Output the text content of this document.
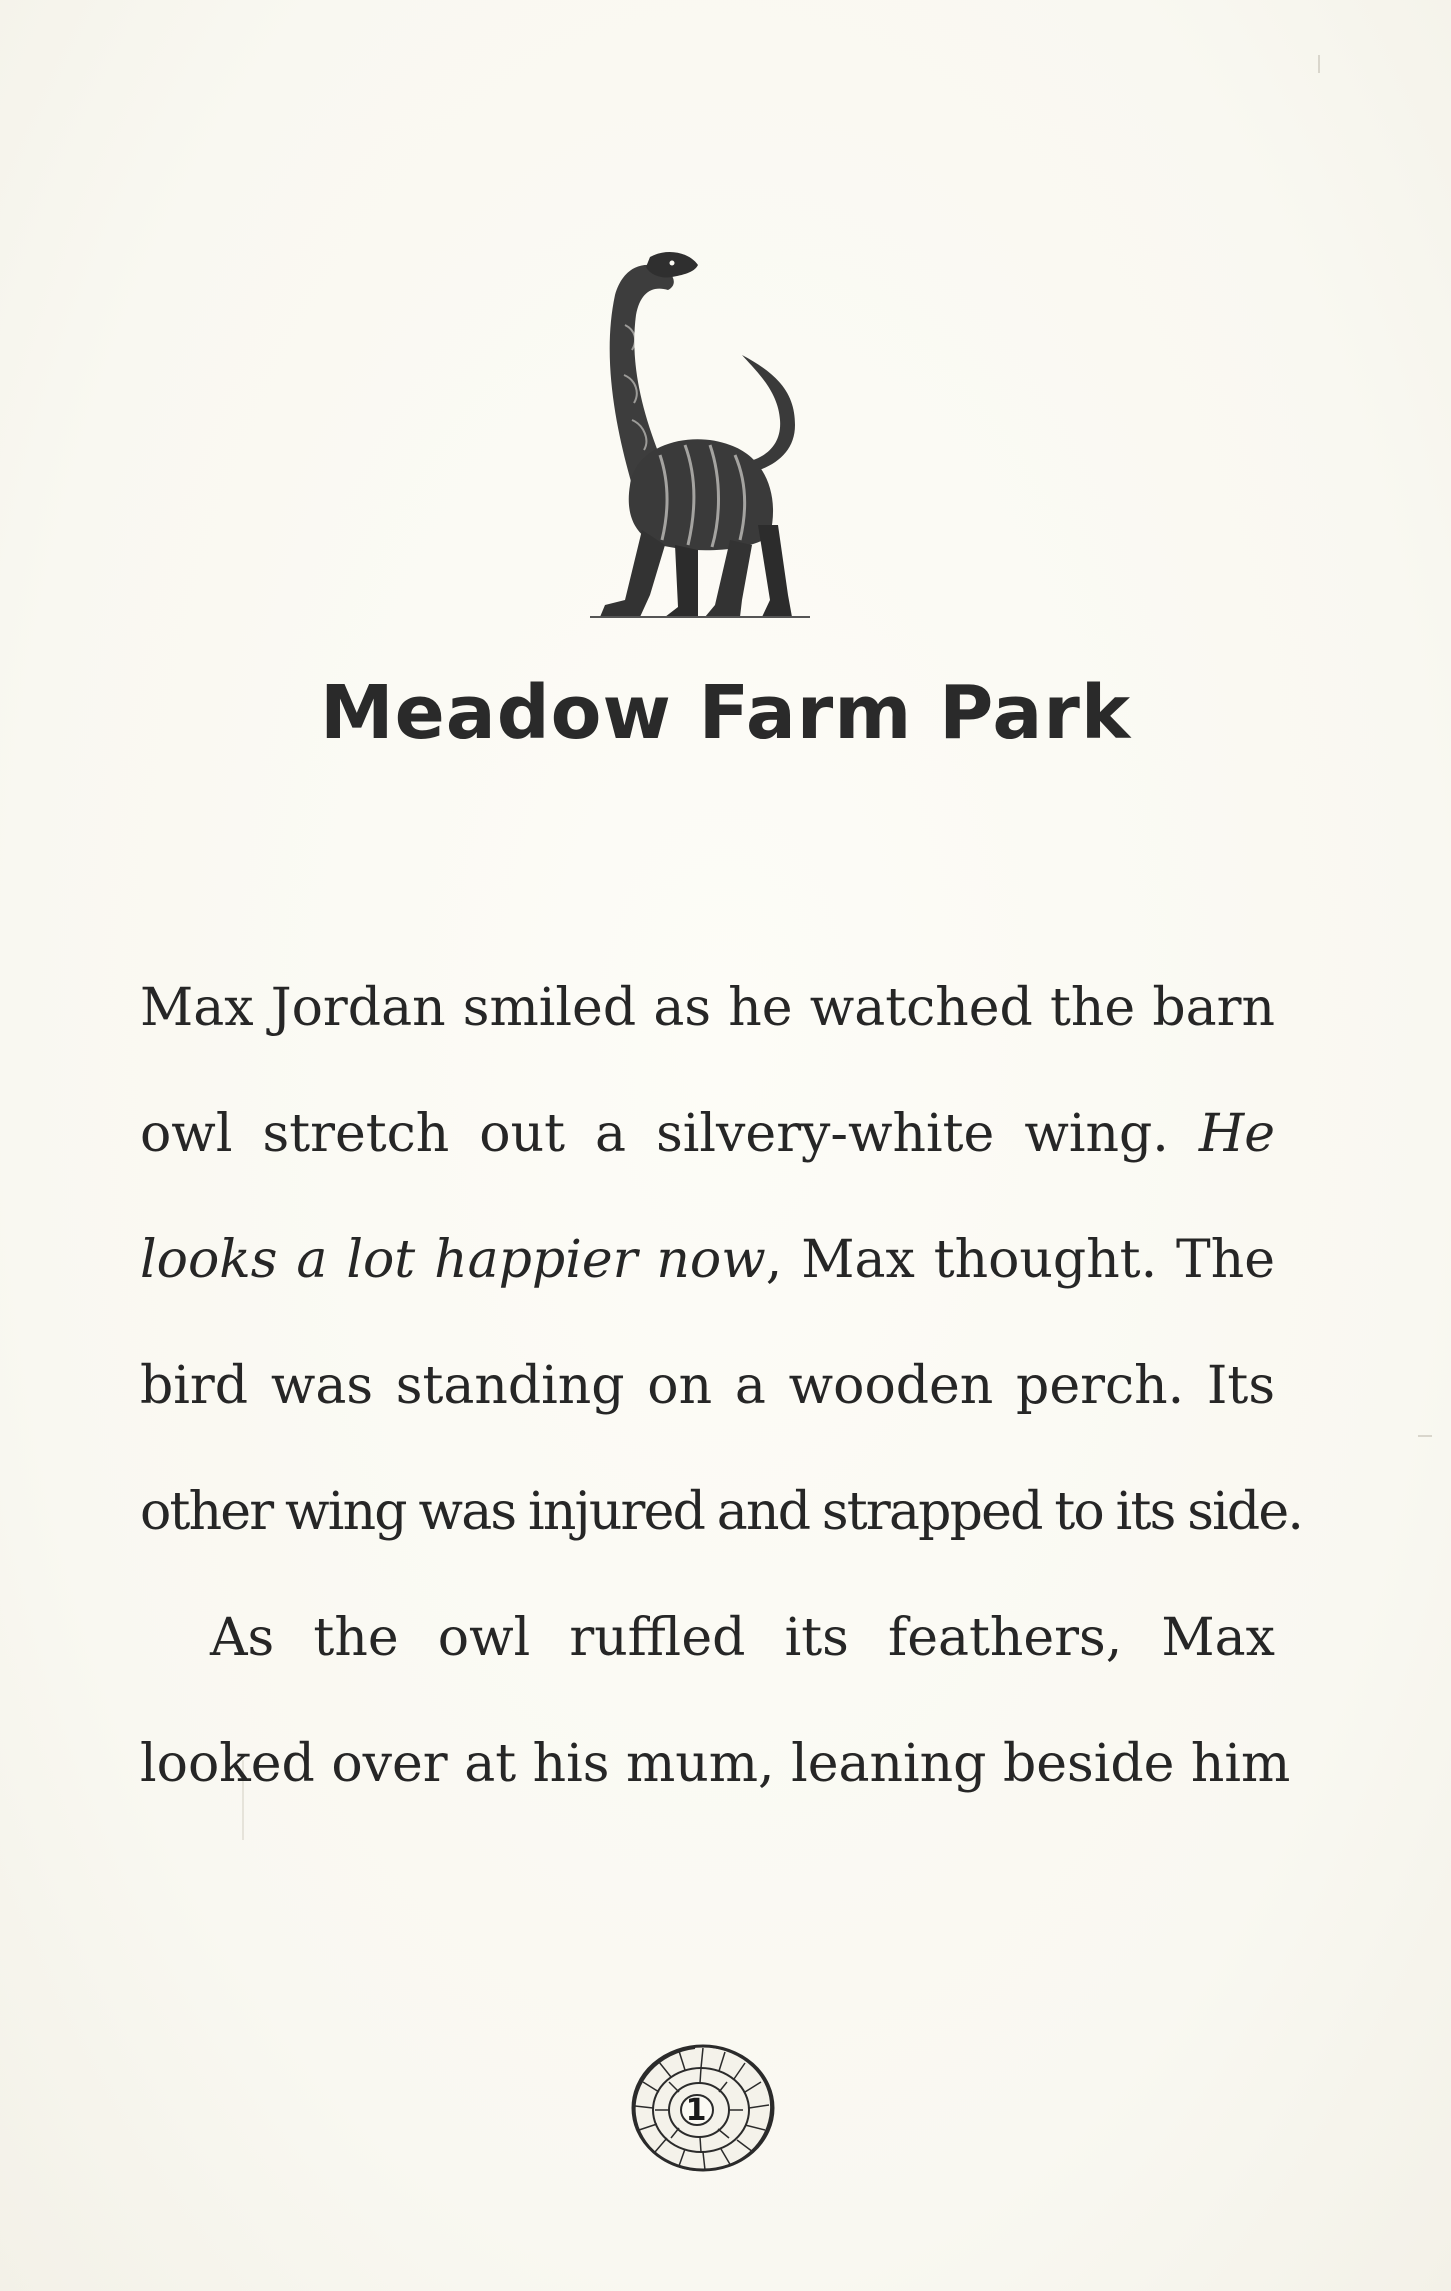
Meadow Farm Park

Max Jordan smiled as he watched the barn
owl stretch out a silvery-white wing. He
looks a lot happier now, Max thought. The
bird was standing on a wooden perch. Its
other wing was injured and strapped to its side.

As the owl ruffled its feathers, Max
looked over at his mum, leaning beside him

1
